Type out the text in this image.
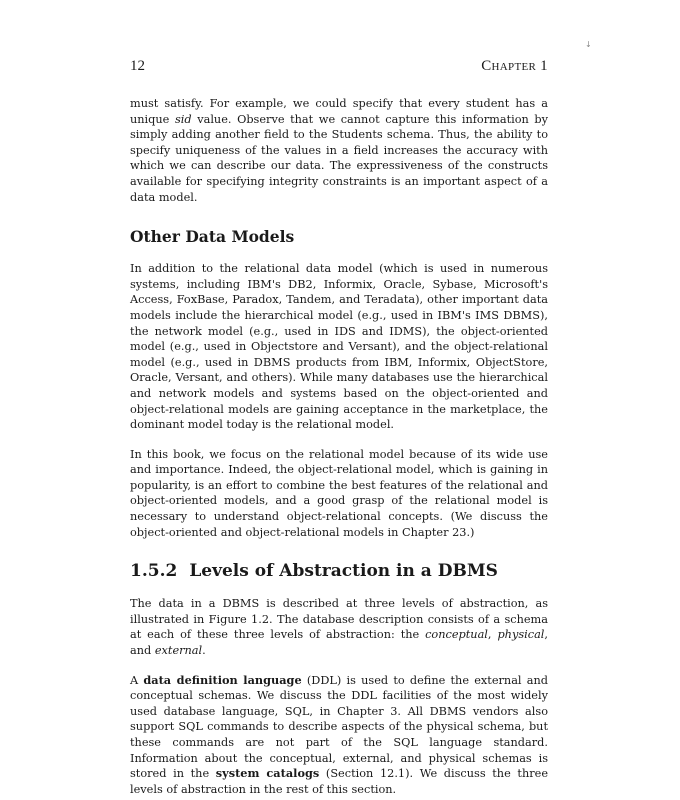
12	Chapter 1
↓

must satisfy. For example, we could specify that every student has a unique sid value. Observe that we cannot capture this information by simply adding another field to the Students schema. Thus, the ability to specify uniqueness of the values in a field increases the accuracy with which we can describe our data. The expressiveness of the constructs available for specifying integrity constraints is an important aspect of a data model.

Other Data Models

In addition to the relational data model (which is used in numerous systems, including IBM's DB2, Informix, Oracle, Sybase, Microsoft's Access, FoxBase, Paradox, Tandem, and Teradata), other important data models include the hierarchical model (e.g., used in IBM's IMS DBMS), the network model (e.g., used in IDS and IDMS), the object-oriented model (e.g., used in Objectstore and Versant), and the object-relational model (e.g., used in DBMS products from IBM, Informix, ObjectStore, Oracle, Versant, and others). While many databases use the hierarchical and network models and systems based on the object-oriented and object-relational models are gaining acceptance in the marketplace, the dominant model today is the relational model.

In this book, we focus on the relational model because of its wide use and importance. Indeed, the object-relational model, which is gaining in popularity, is an effort to combine the best features of the relational and object-oriented models, and a good grasp of the relational model is necessary to understand object-relational concepts. (We discuss the object-oriented and object-relational models in Chapter 23.)

1.5.2 Levels of Abstraction in a DBMS

The data in a DBMS is described at three levels of abstraction, as illustrated in Figure 1.2. The database description consists of a schema at each of these three levels of abstraction: the conceptual, physical, and external.

A data definition language (DDL) is used to define the external and conceptual schemas. We discuss the DDL facilities of the most widely used database language, SQL, in Chapter 3. All DBMS vendors also support SQL commands to describe aspects of the physical schema, but these commands are not part of the SQL language standard. Information about the conceptual, external, and physical schemas is stored in the system catalogs (Section 12.1). We discuss the three levels of abstraction in the rest of this section.
